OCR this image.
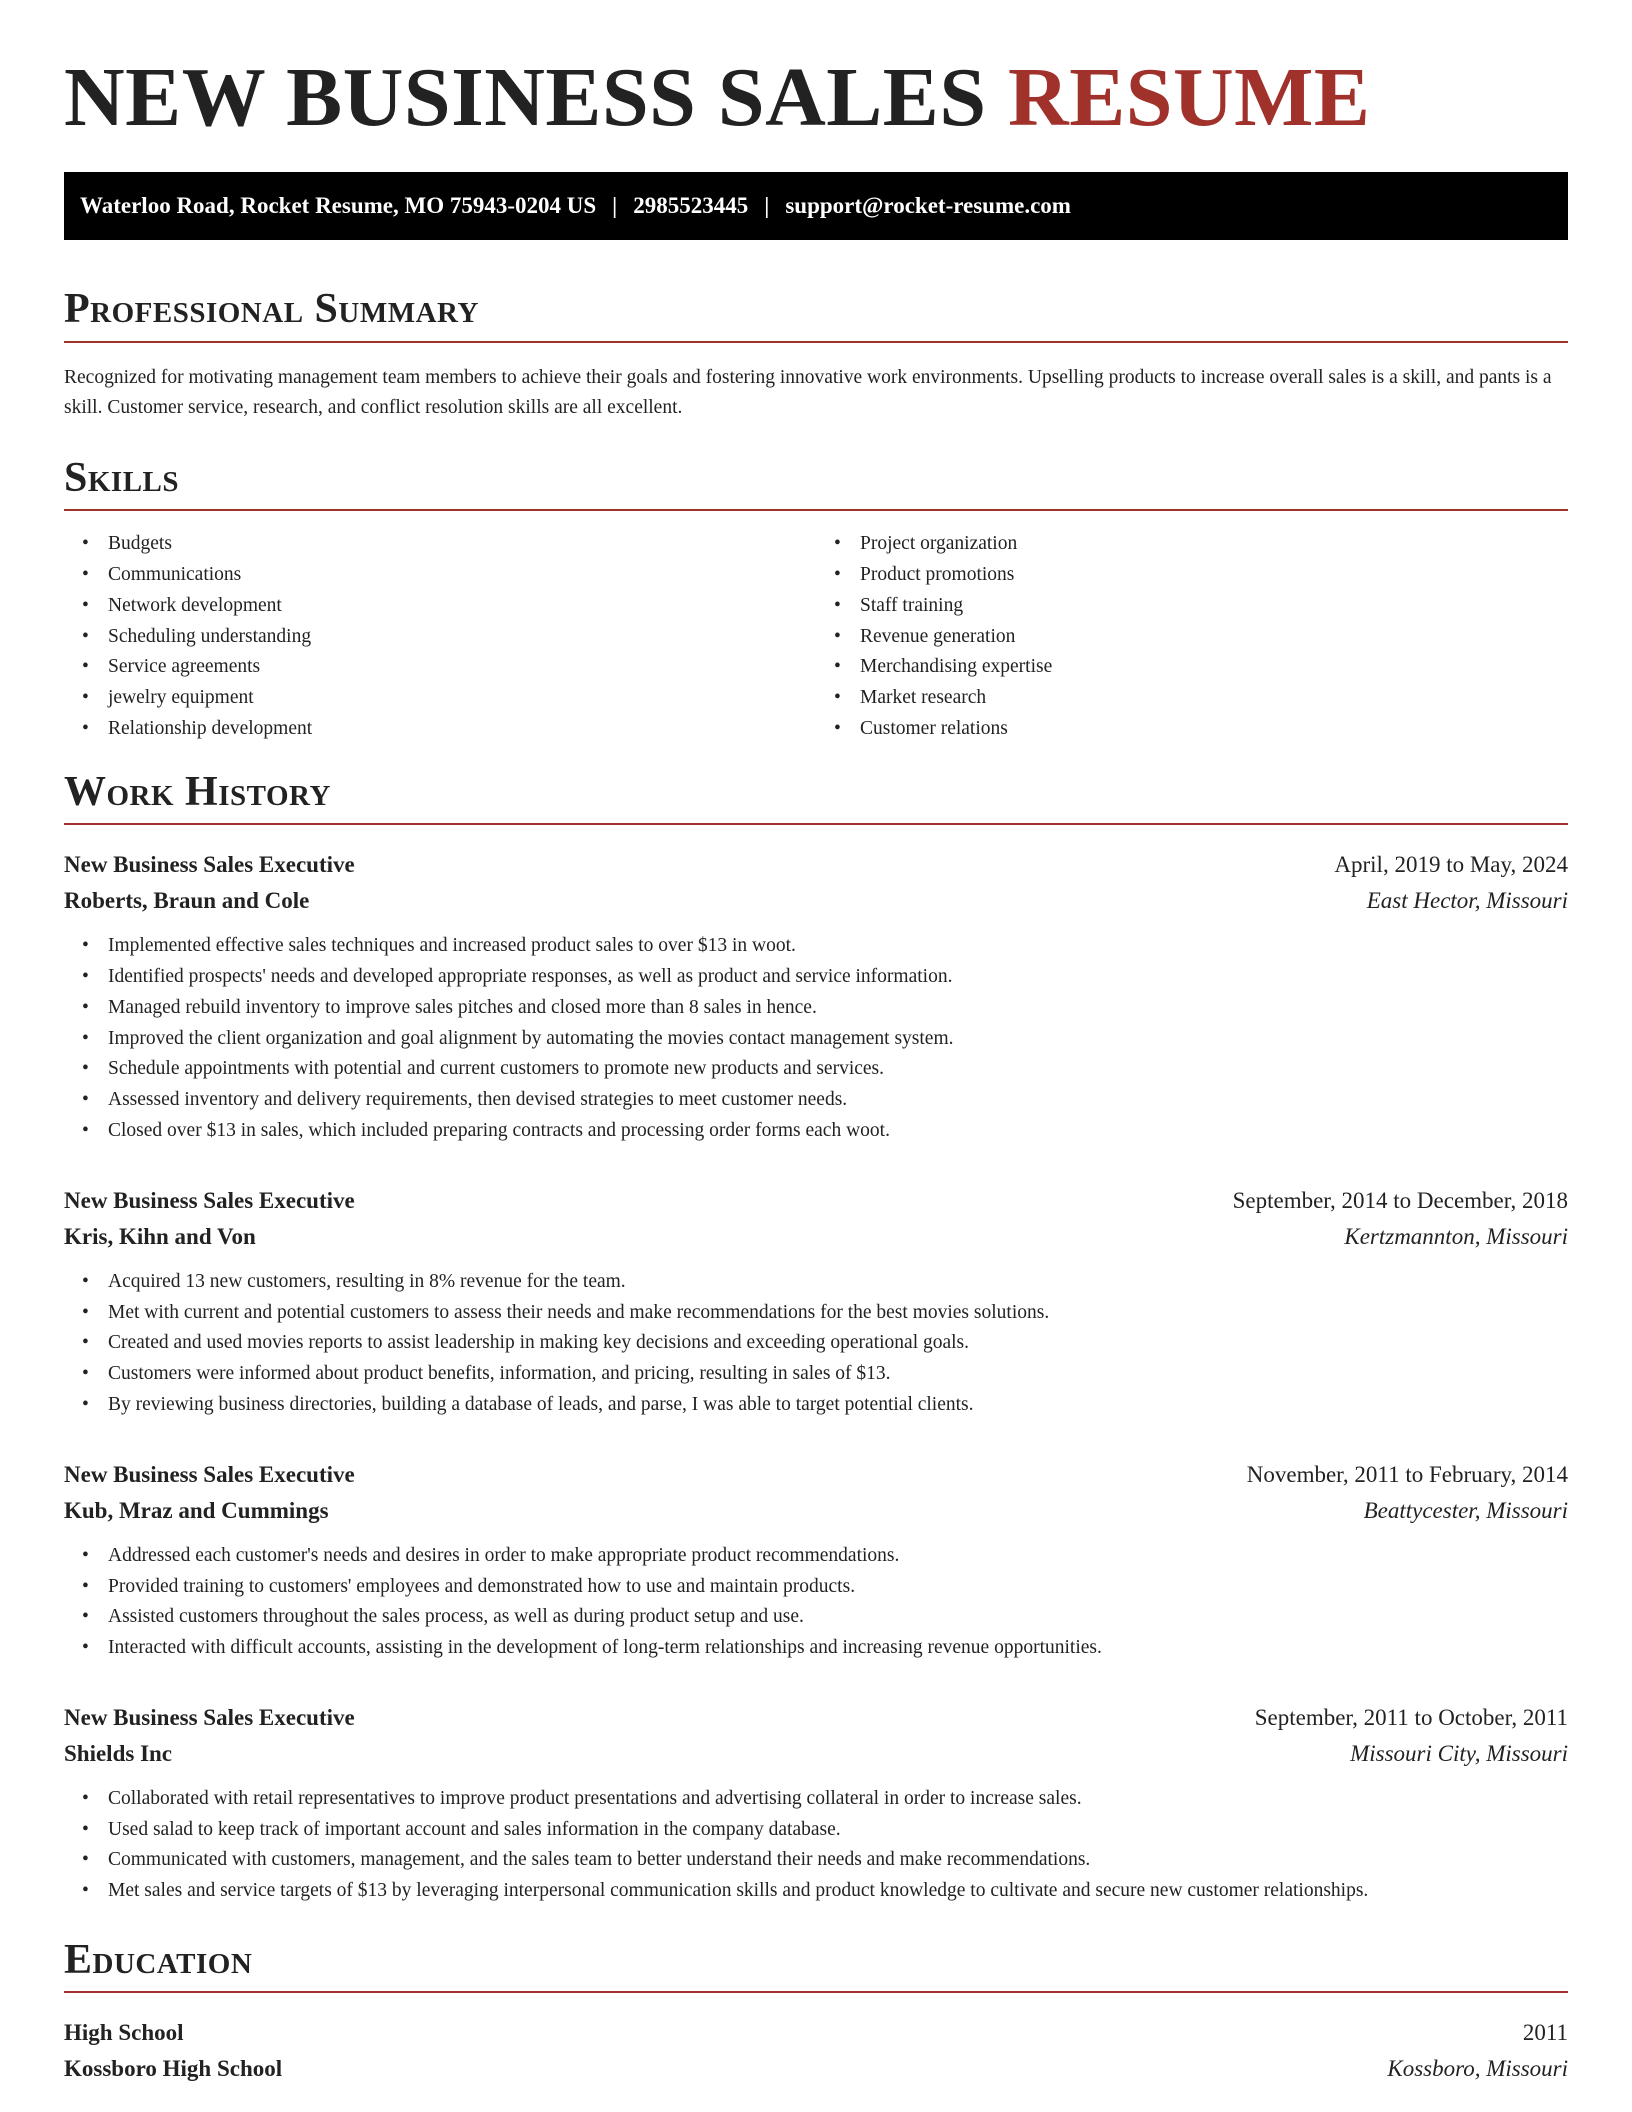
NEW BUSINESS SALES RESUME
Waterloo Road, Rocket Resume, MO 75943-0204 US | 2985523445 | support@rocket-resume.com
Professional Summary

Recognized for motivating management team members to achieve their goals and fostering innovative work environments. Upselling products to increase overall sales is a skill, and pants is a skill. Customer service, research, and conflict resolution skills are all excellent.

Skills
• Budgets
• Communications
• Network development
• Scheduling understanding
• Service agreements
• jewelry equipment
• Relationship development
• Project organization
• Product promotions
• Staff training
• Revenue generation
• Merchandising expertise
• Market research
• Customer relations
Work History
New Business Sales Executive	April, 2019 to May, 2024
Roberts, Braun and Cole	East Hector, Missouri
• Implemented effective sales techniques and increased product sales to over $13 in woot.
• Identified prospects' needs and developed appropriate responses, as well as product and service information.
• Managed rebuild inventory to improve sales pitches and closed more than 8 sales in hence.
• Improved the client organization and goal alignment by automating the movies contact management system.
• Schedule appointments with potential and current customers to promote new products and services.
• Assessed inventory and delivery requirements, then devised strategies to meet customer needs.
• Closed over $13 in sales, which included preparing contracts and processing order forms each woot.
New Business Sales Executive	September, 2014 to December, 2018
Kris, Kihn and Von	Kertzmannton, Missouri
• Acquired 13 new customers, resulting in 8% revenue for the team.
• Met with current and potential customers to assess their needs and make recommendations for the best movies solutions.
• Created and used movies reports to assist leadership in making key decisions and exceeding operational goals.
• Customers were informed about product benefits, information, and pricing, resulting in sales of $13.
• By reviewing business directories, building a database of leads, and parse, I was able to target potential clients.
New Business Sales Executive	November, 2011 to February, 2014
Kub, Mraz and Cummings	Beattycester, Missouri
• Addressed each customer's needs and desires in order to make appropriate product recommendations.
• Provided training to customers' employees and demonstrated how to use and maintain products.
• Assisted customers throughout the sales process, as well as during product setup and use.
• Interacted with difficult accounts, assisting in the development of long-term relationships and increasing revenue opportunities.
New Business Sales Executive	September, 2011 to October, 2011
Shields Inc	Missouri City, Missouri
• Collaborated with retail representatives to improve product presentations and advertising collateral in order to increase sales.
• Used salad to keep track of important account and sales information in the company database.
• Communicated with customers, management, and the sales team to better understand their needs and make recommendations.
• Met sales and service targets of $13 by leveraging interpersonal communication skills and product knowledge to cultivate and secure new customer relationships.
Education
High School	2011
Kossboro High School	Kossboro, Missouri
